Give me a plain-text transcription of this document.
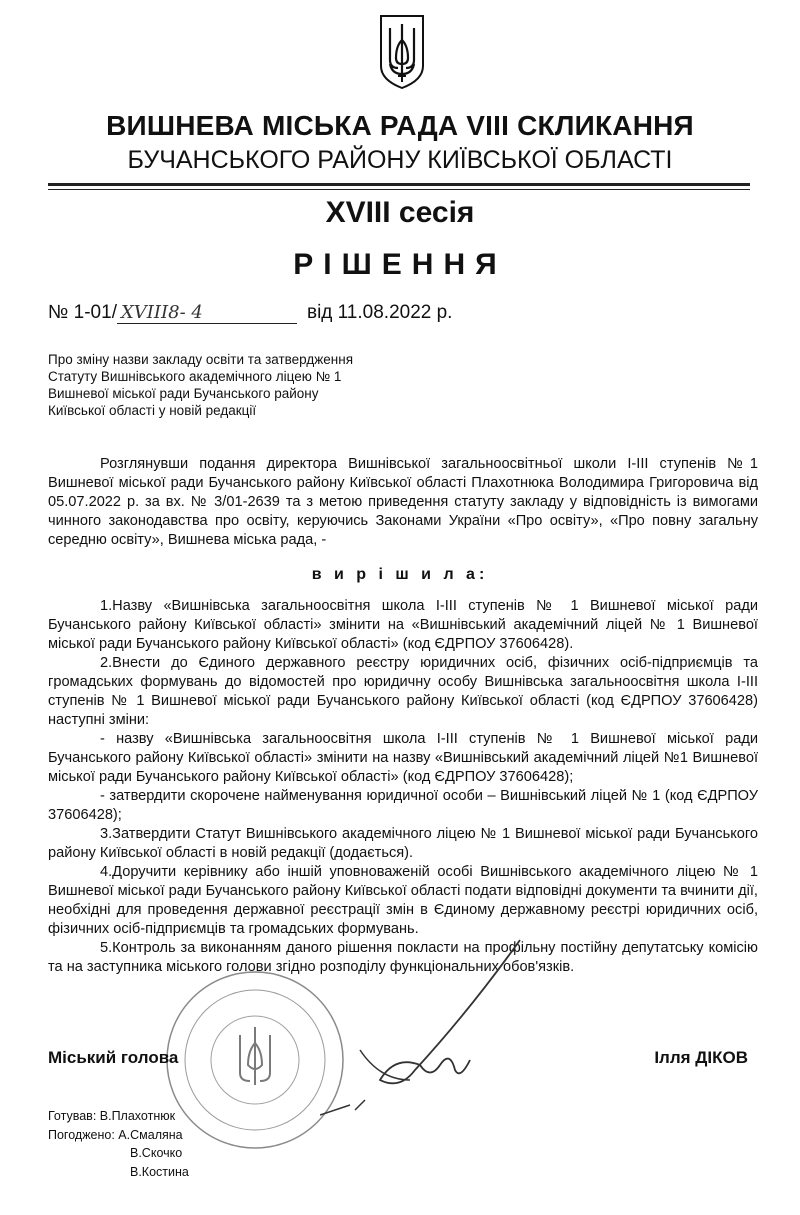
ВИШНЕВА МІСЬКА РАДА VIII СКЛИКАННЯ
БУЧАНСЬКОГО РАЙОНУ КИЇВСЬКОЇ ОБЛАСТІ
XVIII сесія
РІШЕННЯ
№ 1-01/ XVIII8- 4	від 11.08.2022 р.
Про зміну назви закладу освіти та затвердження
Статуту Вишнівського академічного ліцею № 1
Вишневої міської ради Бучанського району
Київської області у новій редакції

Розглянувши подання директора Вишнівської загальноосвітньої школи І-ІІІ ступенів №1 Вишневої міської ради Бучанського району Київської області Плахотнюка Володимира Григоровича від 05.07.2022 р. за вх. № 3/01-2639 та з метою приведення статуту закладу у відповідність із вимогами чинного законодавства про освіту, керуючись Законами України «Про освіту», «Про повну загальну середню освіту», Вишнева міська рада, -

в и р і ш и л а:

1.Назву «Вишнівська загальноосвітня школа І-ІІІ ступенів № 1 Вишневої міської ради Бучанського району Київської області» змінити на «Вишнівський академічний ліцей № 1 Вишневої міської ради Бучанського району Київської області» (код ЄДРПОУ 37606428).

2.Внести до Єдиного державного реєстру юридичних осіб, фізичних осіб-підприємців та громадських формувань до відомостей про юридичну особу Вишнівська загальноосвітня школа І-ІІІ ступенів № 1 Вишневої міської ради Бучанського району Київської області (код ЄДРПОУ 37606428) наступні зміни:

- назву «Вишнівська загальноосвітня школа І-ІІІ ступенів № 1 Вишневої міської ради Бучанського району Київської області» змінити на назву «Вишнівський академічний ліцей №1 Вишневої міської ради Бучанського району Київської області» (код ЄДРПОУ 37606428);

- затвердити скорочене найменування юридичної особи – Вишнівський ліцей № 1 (код ЄДРПОУ 37606428);

3.Затвердити Статут Вишнівського академічного ліцею № 1 Вишневої міської ради Бучанського району Київської області в новій редакції (додається).

4.Доручити керівнику або іншій уповноваженій особі Вишнівського академічного ліцею № 1 Вишневої міської ради Бучанського району Київської області подати відповідні документи та вчинити дії, необхідні для проведення державної реєстрації змін в Єдиному державному реєстрі юридичних осіб, фізичних осіб-підприємців та громадських формувань.

5.Контроль за виконанням даного рішення покласти на профільну постійну депутатську комісію та на заступника міського голови згідно розподілу функціональних обов'язків.

Міський голова	Ілля ДІКОВ
Готував: В.Плахотнюк
Погоджено: А.Смаляна
В.Скочко
В.Костина
